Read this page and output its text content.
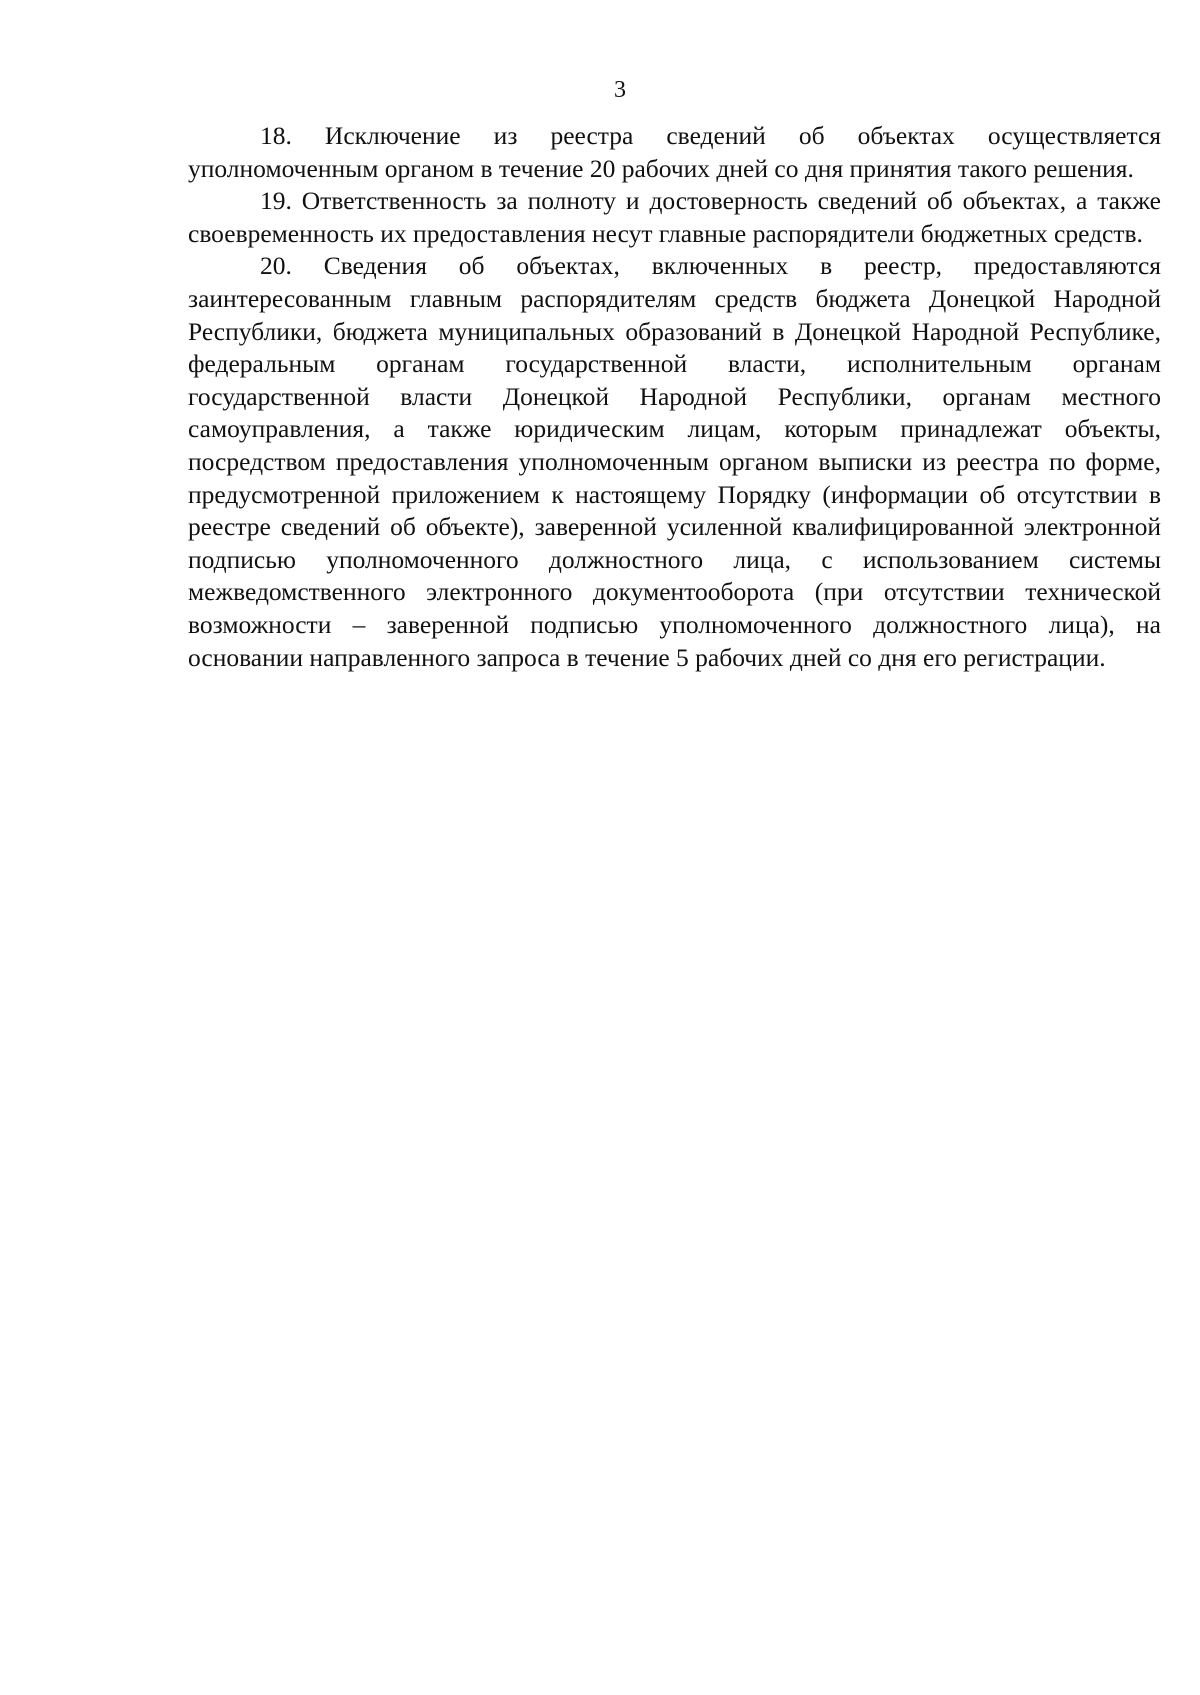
3

18. Исключение из реестра сведений об объектах осуществляется уполномоченным органом в течение 20 рабочих дней со дня принятия такого решения.

19. Ответственность за полноту и достоверность сведений об объектах, а также своевременность их предоставления несут главные распорядители бюджетных средств.

20. Сведения об объектах, включенных в реестр, предоставляются заинтересованным главным распорядителям средств бюджета Донецкой Народной Республики, бюджета муниципальных образований в Донецкой Народной Республике, федеральным органам государственной власти, исполнительным органам государственной власти Донецкой Народной Республики, органам местного самоуправления, а также юридическим лицам, которым принадлежат объекты, посредством предоставления уполномоченным органом выписки из реестра по форме, предусмотренной приложением к настоящему Порядку (информации об отсутствии в реестре сведений об объекте), заверенной усиленной квалифицированной электронной подписью уполномоченного должностного лица, с использованием системы межведомственного электронного документооборота (при отсутствии технической возможности – заверенной подписью уполномоченного должностного лица), на основании направленного запроса в течение 5 рабочих дней со дня его регистрации.
